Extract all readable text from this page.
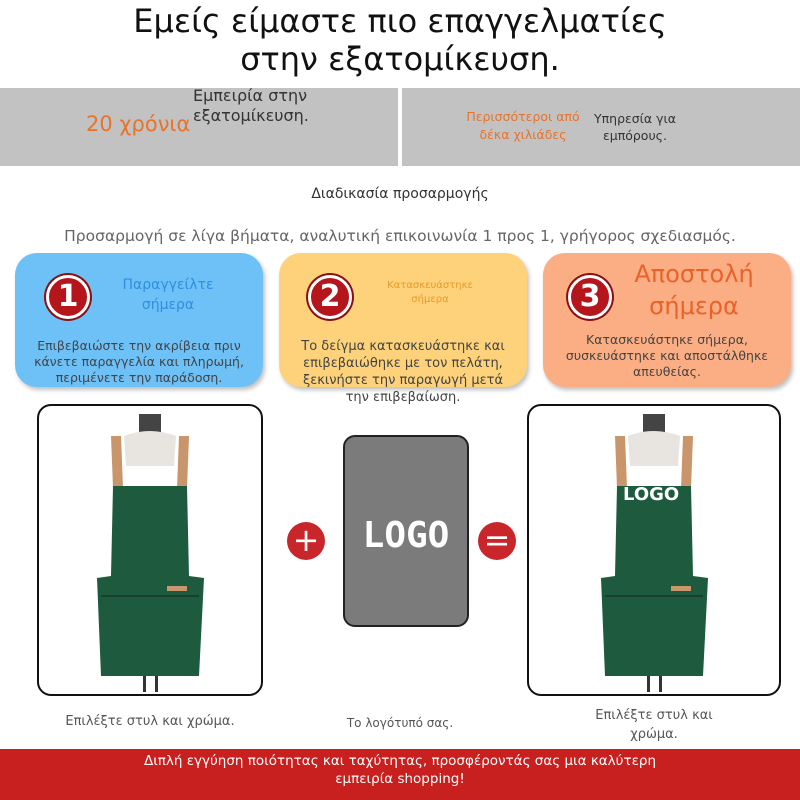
Εμείς είμαστε πιο επαγγελματίες
στην εξατομίκευση.
20 χρόνια
Εμπειρία στην
εξατομίκευση.	Περισσότεροι από
δέκα χιλιάδες
Υπηρεσία για
εμπόρους.
Διαδικασία προσαρμογής
Προσαρμογή σε λίγα βήματα, αναλυτική επικοινωνία 1 προς 1, γρήγορος σχεδιασμός.
1	Παραγγείλτε
σήμερα
Επιβεβαιώστε την ακρίβεια πριν
κάνετε παραγγελία και πληρωμή,
περιμένετε την παράδοση.
2	Κατασκευάστηκε
σήμερα
Το δείγμα κατασκευάστηκε και
επιβεβαιώθηκε με τον πελάτη,
ξεκινήστε την παραγωγή μετά
την επιβεβαίωση.
3
Αποστολή
σήμερα
Κατασκευάστηκε σήμερα,
συσκευάστηκε και αποστάλθηκε
απευθείας.
+	LOGO	=
LOGO
Επιλέξτε στυλ και χρώμα.	Το λογότυπό σας.	Επιλέξτε στυλ και
χρώμα.
Διπλή εγγύηση ποιότητας και ταχύτητας, προσφέροντάς σας μια καλύτερη
εμπειρία shopping!
